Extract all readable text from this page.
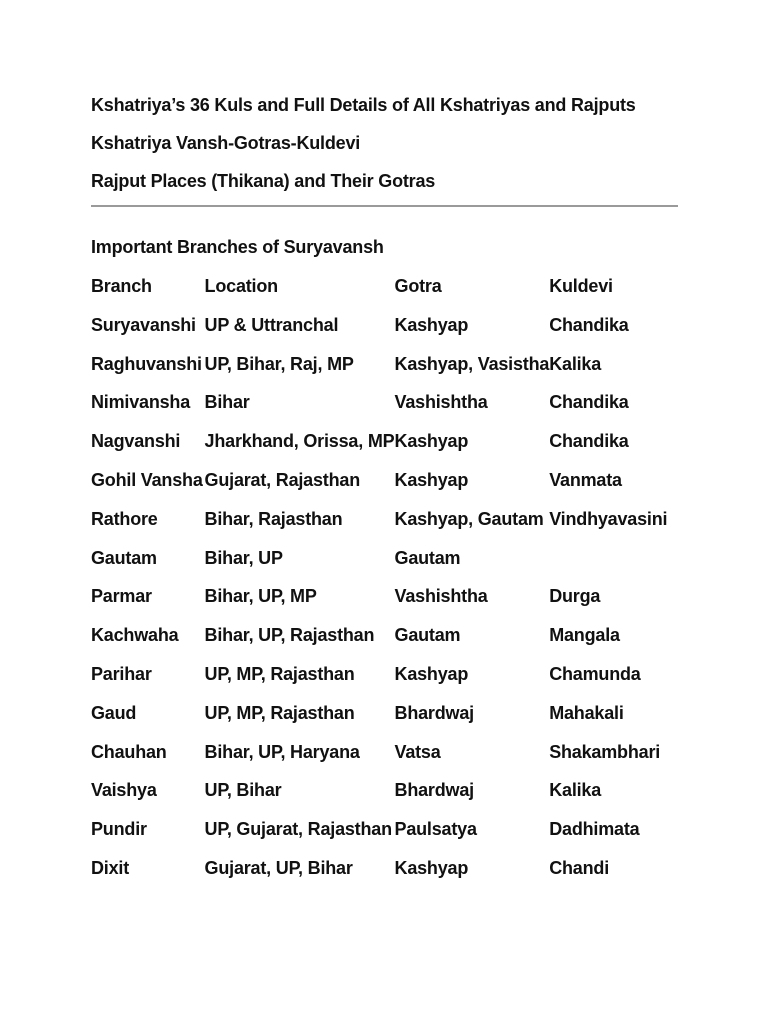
Kshatriya’s 36 Kuls and Full Details of All Kshatriyas and Rajputs
Kshatriya Vansh-Gotras-Kuldevi
Rajput Places (Thikana) and Their Gotras
Important Branches of Suryavansh
Branch	Location	Gotra	Kuldevi
Suryavanshi	UP & Uttranchal	Kashyap	Chandika
Raghuvanshi	UP, Bihar, Raj, MP	Kashyap, Vasistha	Kalika
Nimivansha	Bihar	Vashishtha	Chandika
Nagvanshi	Jharkhand, Orissa, MP	Kashyap	Chandika
Gohil Vansha	Gujarat, Rajasthan	Kashyap	Vanmata
Rathore	Bihar, Rajasthan	Kashyap, Gautam	Vindhyavasini
Gautam	Bihar, UP	Gautam	
Parmar	Bihar, UP, MP	Vashishtha	Durga
Kachwaha	Bihar, UP, Rajasthan	Gautam	Mangala
Parihar	UP, MP, Rajasthan	Kashyap	Chamunda
Gaud	UP, MP, Rajasthan	Bhardwaj	Mahakali
Chauhan	Bihar, UP, Haryana	Vatsa	Shakambhari
Vaishya	UP, Bihar	Bhardwaj	Kalika
Pundir	UP, Gujarat, Rajasthan	Paulsatya	Dadhimata
Dixit	Gujarat, UP, Bihar	Kashyap	Chandi
